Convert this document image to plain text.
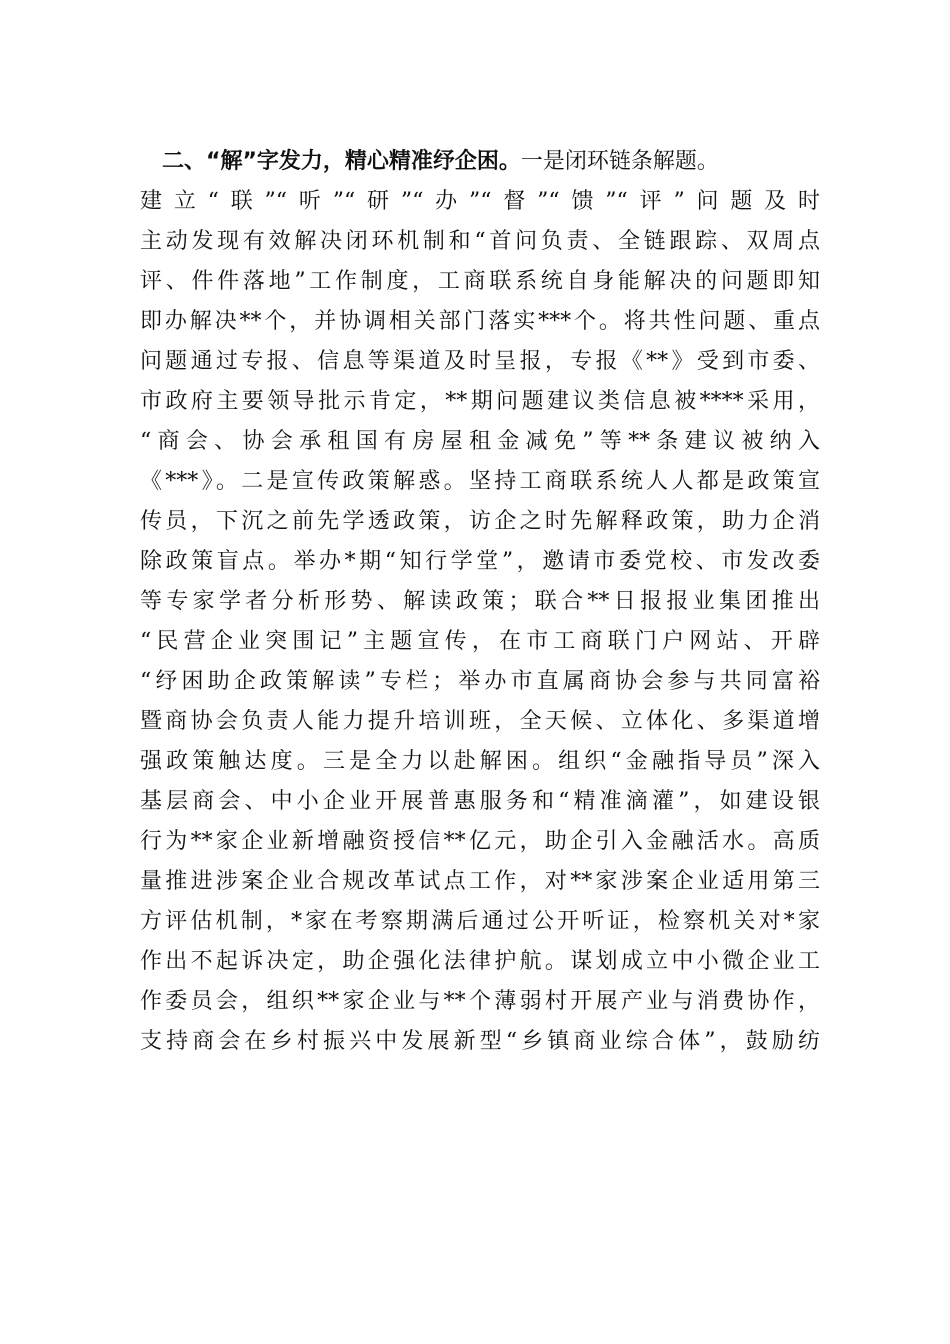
二、“解”字发力，精心精准纾企困。一是闭环链条解题。
建立“联”“听”“研”“办”“督”“馈”“评”问题及时
主动发现有效解决闭环机制和“首问负责、全链跟踪、双周点
评、件件落地”工作制度，工商联系统自身能解决的问题即知
即办解决**个，并协调相关部门落实***个。将共性问题、重点
问题通过专报、信息等渠道及时呈报，专报《**》受到市委、
市政府主要领导批示肯定，**期问题建议类信息被****采用，
“商会、协会承租国有房屋租金减免”等**条建议被纳入
《***》。二是宣传政策解惑。坚持工商联系统人人都是政策宣
传员，下沉之前先学透政策，访企之时先解释政策，助力企消
除政策盲点。举办*期“知行学堂”，邀请市委党校、市发改委
等专家学者分析形势、解读政策；联合**日报报业集团推出
“民营企业突围记”主题宣传，在市工商联门户网站、开辟
“纾困助企政策解读”专栏；举办市直属商协会参与共同富裕
暨商协会负责人能力提升培训班，全天候、立体化、多渠道增
强政策触达度。三是全力以赴解困。组织“金融指导员”深入
基层商会、中小企业开展普惠服务和“精准滴灌”，如建设银
行为**家企业新增融资授信**亿元，助企引入金融活水。高质
量推进涉案企业合规改革试点工作，对**家涉案企业适用第三
方评估机制，*家在考察期满后通过公开听证，检察机关对*家
作出不起诉决定，助企强化法律护航。谋划成立中小微企业工
作委员会，组织**家企业与**个薄弱村开展产业与消费协作，
支持商会在乡村振兴中发展新型“乡镇商业综合体”，鼓励纺
